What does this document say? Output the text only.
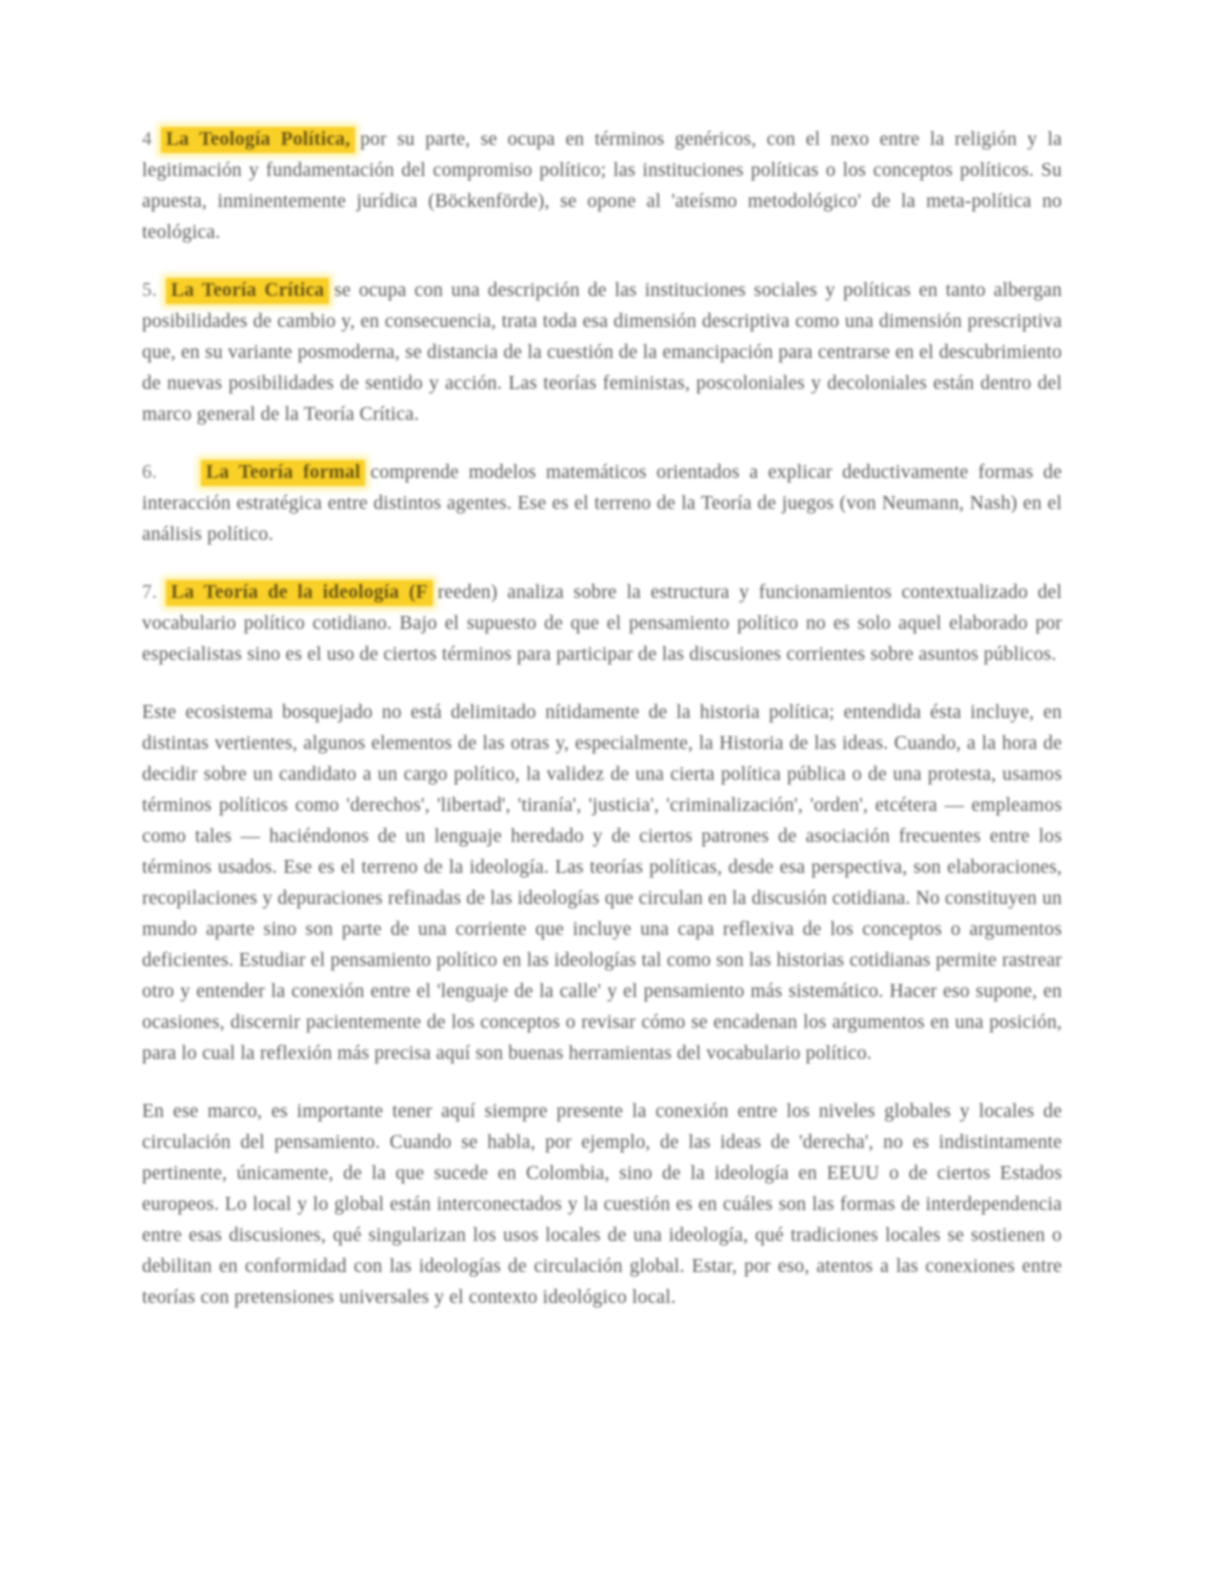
4 La Teología Política, por su parte, se ocupa en términos genéricos, con el nexo entre la religión y la legitimación y fundamentación del compromiso político; las instituciones políticas o los conceptos políticos. Su apuesta, inminentemente jurídica (Böckenförde), se opone al 'ateísmo metodológico' de la meta-política no teológica.

5. La Teoría Crítica se ocupa con una descripción de las instituciones sociales y políticas en tanto albergan posibilidades de cambio y, en consecuencia, trata toda esa dimensión descriptiva como una dimensión prescriptiva que, en su variante posmoderna, se distancia de la cuestión de la emancipación para centrarse en el descubrimiento de nuevas posibilidades de sentido y acción. Las teorías feministas, poscoloniales y decoloniales están dentro del marco general de la Teoría Crítica.

6.	La Teoría formal comprende modelos matemáticos orientados a explicar deductivamente formas de interacción estratégica entre distintos agentes. Ese es el terreno de la Teoría de juegos (von Neumann, Nash) en el análisis político.

7. La Teoría de la ideología (F reeden) analiza sobre la estructura y funcionamientos contextualizado del vocabulario político cotidiano. Bajo el supuesto de que el pensamiento político no es solo aquel elaborado por especialistas sino es el uso de ciertos términos para participar de las discusiones corrientes sobre asuntos públicos.

Este ecosistema bosquejado no está delimitado nítidamente de la historia política; entendida ésta incluye, en distintas vertientes, algunos elementos de las otras y, especialmente, la Historia de las ideas. Cuando, a la hora de decidir sobre un candidato a un cargo político, la validez de una cierta política pública o de una protesta, usamos términos políticos como 'derechos', 'libertad', 'tiranía', 'justicia', 'criminalización', 'orden', etcétera — empleamos como tales — haciéndonos de un lenguaje heredado y de ciertos patrones de asociación frecuentes entre los términos usados. Ese es el terreno de la ideología. Las teorías políticas, desde esa perspectiva, son elaboraciones, recopilaciones y depuraciones refinadas de las ideologías que circulan en la discusión cotidiana. No constituyen un mundo aparte sino son parte de una corriente que incluye una capa reflexiva de los conceptos o argumentos deficientes. Estudiar el pensamiento político en las ideologías tal como son las historias cotidianas permite rastrear otro y entender la conexión entre el 'lenguaje de la calle' y el pensamiento más sistemático. Hacer eso supone, en ocasiones, discernir pacientemente de los conceptos o revisar cómo se encadenan los argumentos en una posición, para lo cual la reflexión más precisa aquí son buenas herramientas del vocabulario político.

En ese marco, es importante tener aquí siempre presente la conexión entre los niveles globales y locales de circulación del pensamiento. Cuando se habla, por ejemplo, de las ideas de 'derecha', no es indistintamente pertinente, únicamente, de la que sucede en Colombia, sino de la ideología en EEUU o de ciertos Estados europeos. Lo local y lo global están interconectados y la cuestión es en cuáles son las formas de interdependencia entre esas discusiones, qué singularizan los usos locales de una ideología, qué tradiciones locales se sostienen o debilitan en conformidad con las ideologías de circulación global. Estar, por eso, atentos a las conexiones entre teorías con pretensiones universales y el contexto ideológico local.
